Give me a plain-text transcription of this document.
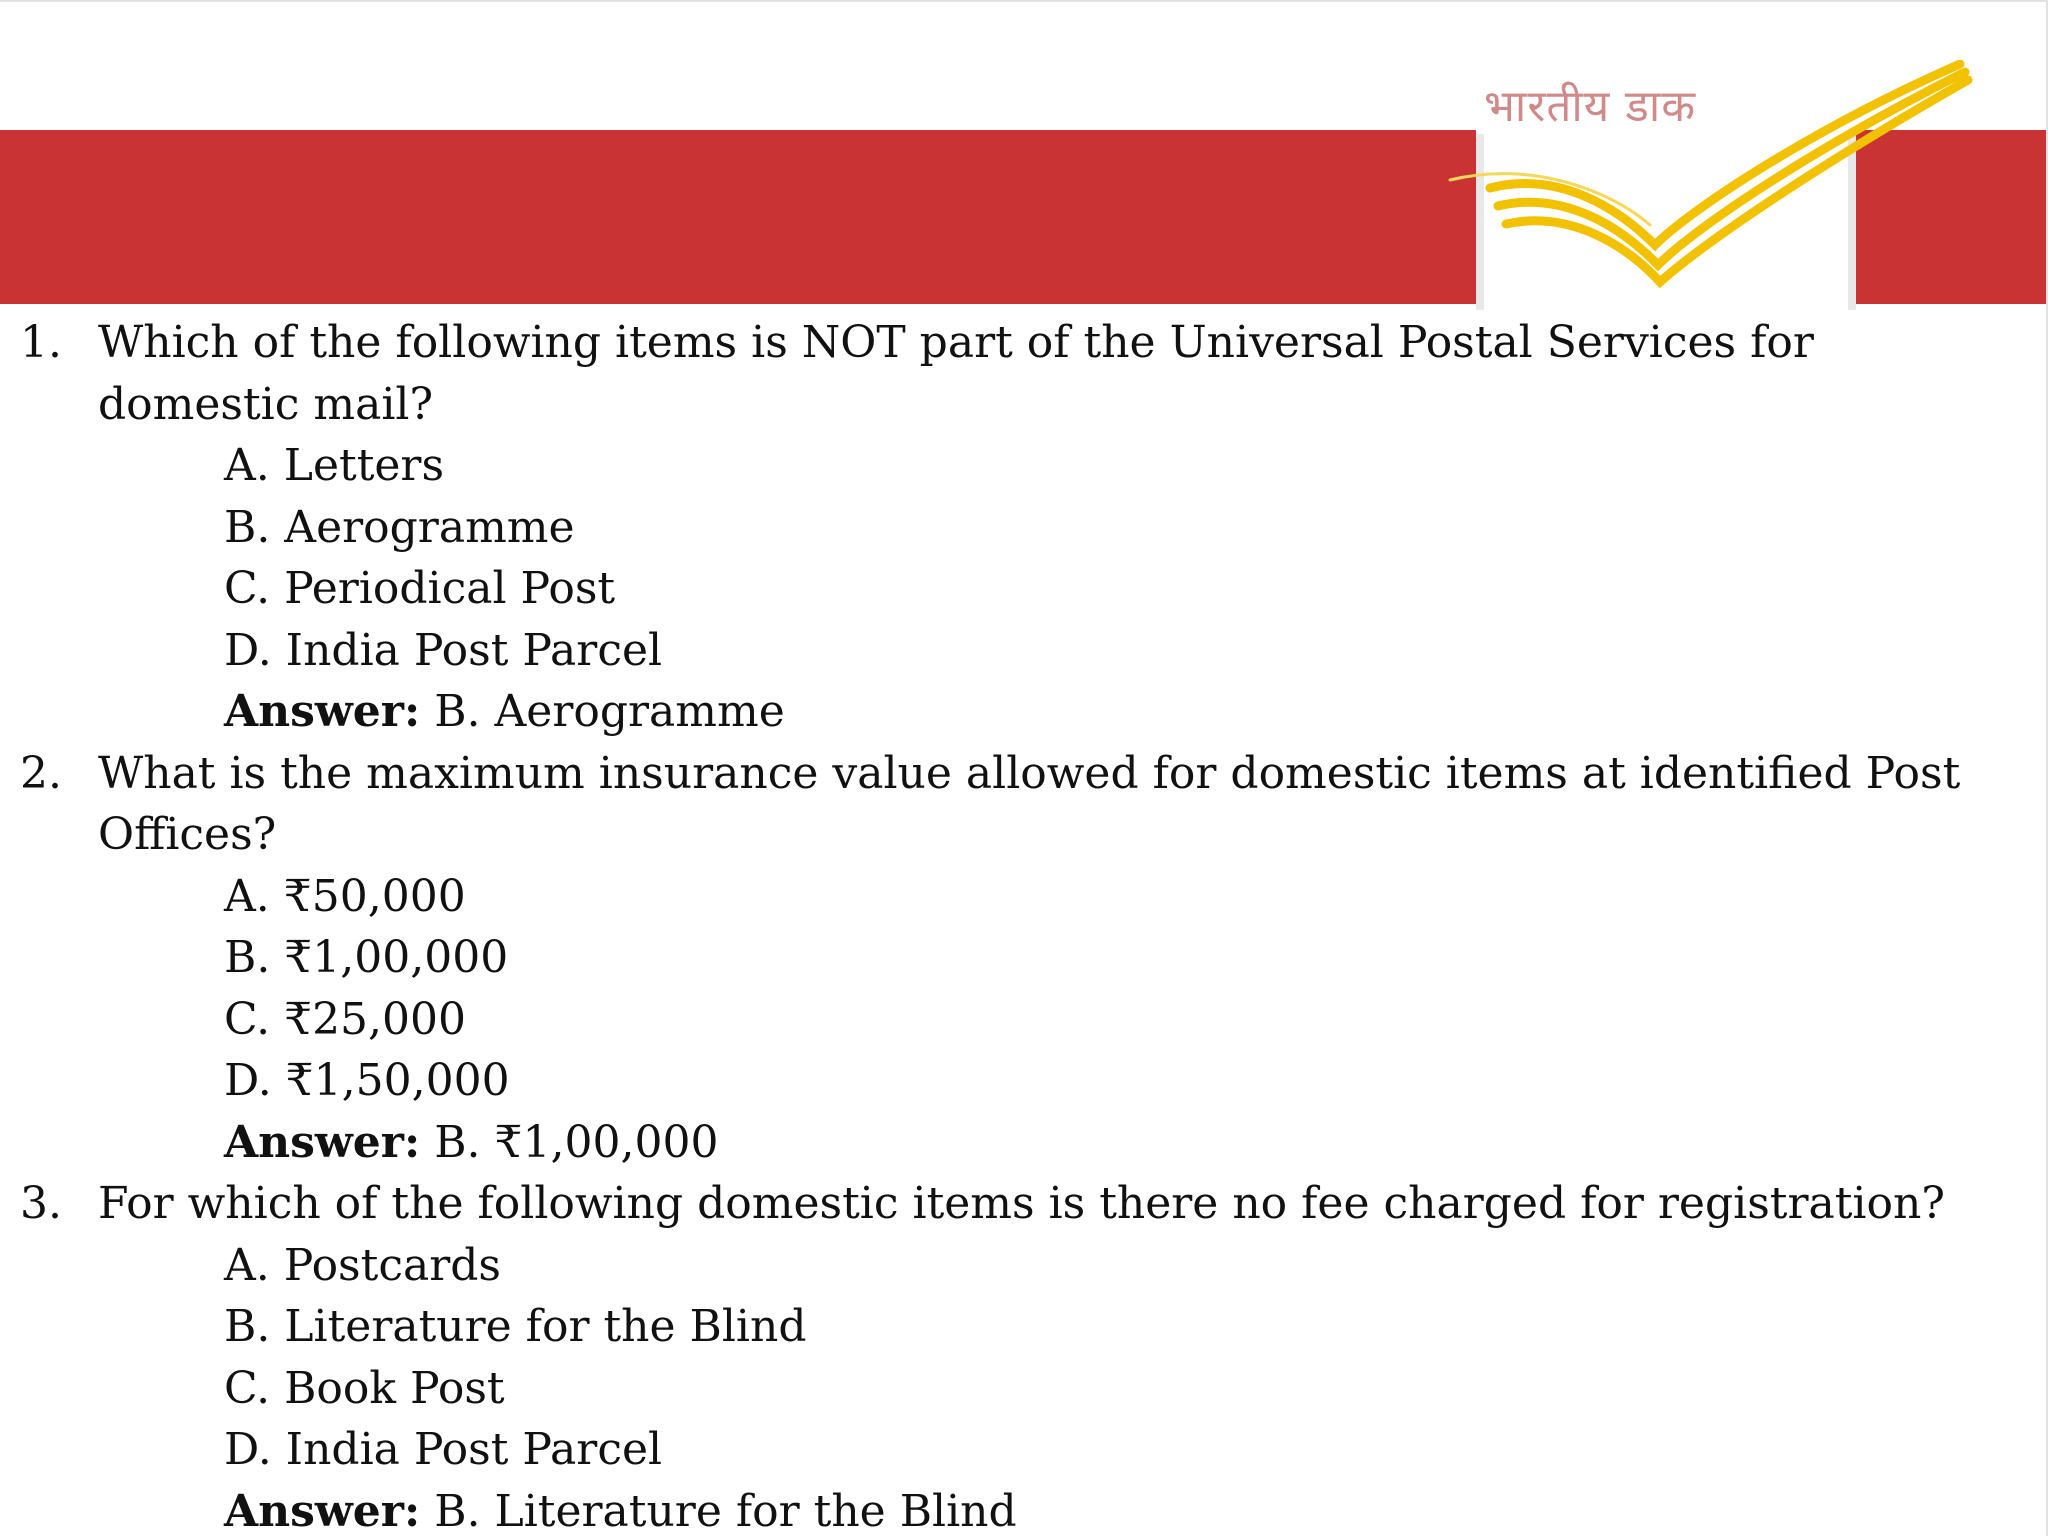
भारतीय डाक
1. Which of the following items is NOT part of the Universal Postal Services for domestic mail?
A. Letters
B. Aerogramme
C. Periodical Post
D. India Post Parcel
Answer: B. Aerogramme
2. What is the maximum insurance value allowed for domestic items at identified Post Offices?
A. ₹50,000
B. ₹1,00,000
C. ₹25,000
D. ₹1,50,000
Answer: B. ₹1,00,000
3. For which of the following domestic items is there no fee charged for registration?
A. Postcards
B. Literature for the Blind
C. Book Post
D. India Post Parcel
Answer: B. Literature for the Blind
